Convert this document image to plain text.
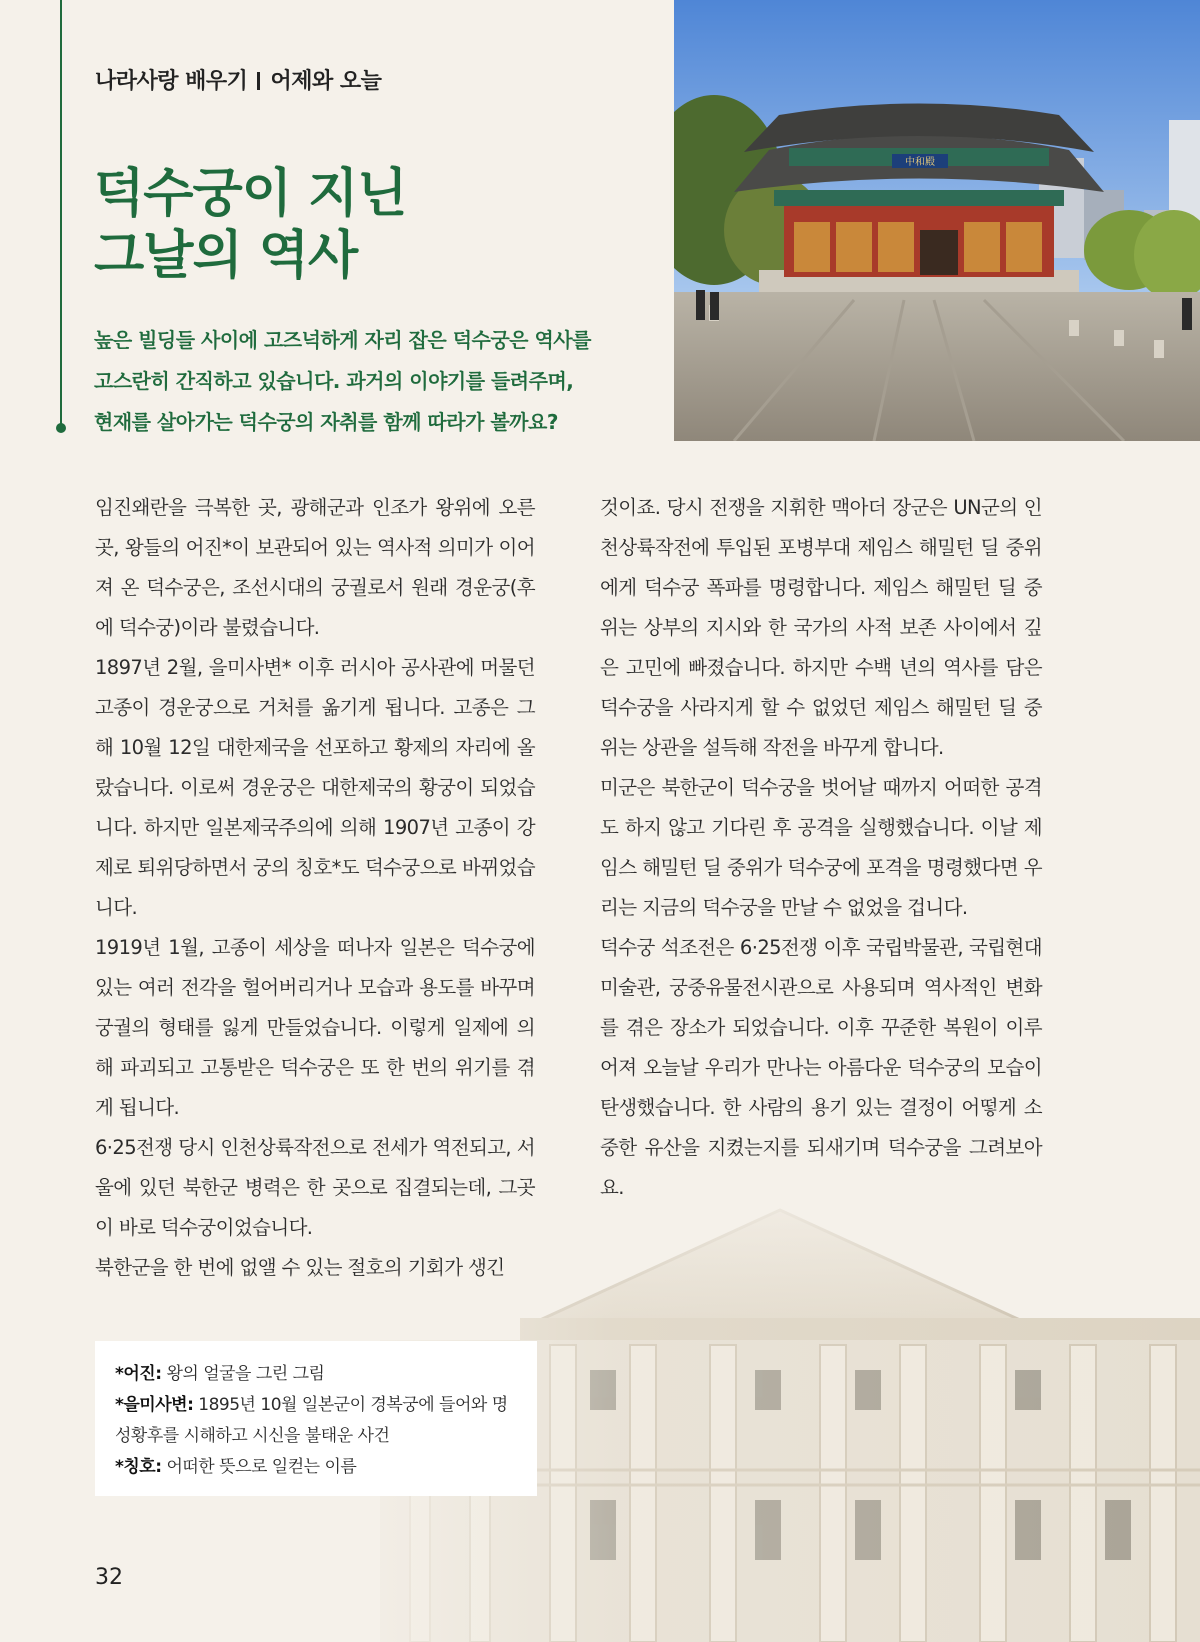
나라사랑 배우기 어제와 오늘
덕수궁이 지닌
그날의 역사
높은 빌딩들 사이에 고즈넉하게 자리 잡은 덕수궁은 역사를
고스란히 간직하고 있습니다. 과거의 이야기를 들려주며,
현재를 살아가는 덕수궁의 자취를 함께 따라가 볼까요?
中和殿

임진왜란을 극복한 곳, 광해군과 인조가 왕위에 오른 곳, 왕들의 어진*이 보관되어 있는 역사적 의미가 이어져 온 덕수궁은, 조선시대의 궁궐로서 원래 경운궁(후에 덕수궁)이라 불렸습니다.

1897년 2월, 을미사변* 이후 러시아 공사관에 머물던 고종이 경운궁으로 거처를 옮기게 됩니다. 고종은 그 해 10월 12일 대한제국을 선포하고 황제의 자리에 올랐습니다. 이로써 경운궁은 대한제국의 황궁이 되었습니다. 하지만 일본제국주의에 의해 1907년 고종이 강제로 퇴위당하면서 궁의 칭호*도 덕수궁으로 바뀌었습니다.

1919년 1월, 고종이 세상을 떠나자 일본은 덕수궁에 있는 여러 전각을 헐어버리거나 모습과 용도를 바꾸며 궁궐의 형태를 잃게 만들었습니다. 이렇게 일제에 의해 파괴되고 고통받은 덕수궁은 또 한 번의 위기를 겪게 됩니다.

6·25전쟁 당시 인천상륙작전으로 전세가 역전되고, 서울에 있던 북한군 병력은 한 곳으로 집결되는데, 그곳이 바로 덕수궁이었습니다.

북한군을 한 번에 없앨 수 있는 절호의 기회가 생긴

것이죠. 당시 전쟁을 지휘한 맥아더 장군은 UN군의 인천상륙작전에 투입된 포병부대 제임스 해밀턴 딜 중위에게 덕수궁 폭파를 명령합니다. 제임스 해밀턴 딜 중위는 상부의 지시와 한 국가의 사적 보존 사이에서 깊은 고민에 빠졌습니다. 하지만 수백 년의 역사를 담은 덕수궁을 사라지게 할 수 없었던 제임스 해밀턴 딜 중위는 상관을 설득해 작전을 바꾸게 합니다.

미군은 북한군이 덕수궁을 벗어날 때까지 어떠한 공격도 하지 않고 기다린 후 공격을 실행했습니다. 이날 제임스 해밀턴 딜 중위가 덕수궁에 포격을 명령했다면 우리는 지금의 덕수궁을 만날 수 없었을 겁니다.

덕수궁 석조전은 6·25전쟁 이후 국립박물관, 국립현대미술관, 궁중유물전시관으로 사용되며 역사적인 변화를 겪은 장소가 되었습니다. 이후 꾸준한 복원이 이루어져 오늘날 우리가 만나는 아름다운 덕수궁의 모습이 탄생했습니다. 한 사람의 용기 있는 결정이 어떻게 소중한 유산을 지켰는지를 되새기며 덕수궁을 그려보아요.

*어진: 왕의 얼굴을 그린 그림

*을미사변: 1895년 10월 일본군이 경복궁에 들어와 명성황후를 시해하고 시신을 불태운 사건

*칭호: 어떠한 뜻으로 일컫는 이름

32
